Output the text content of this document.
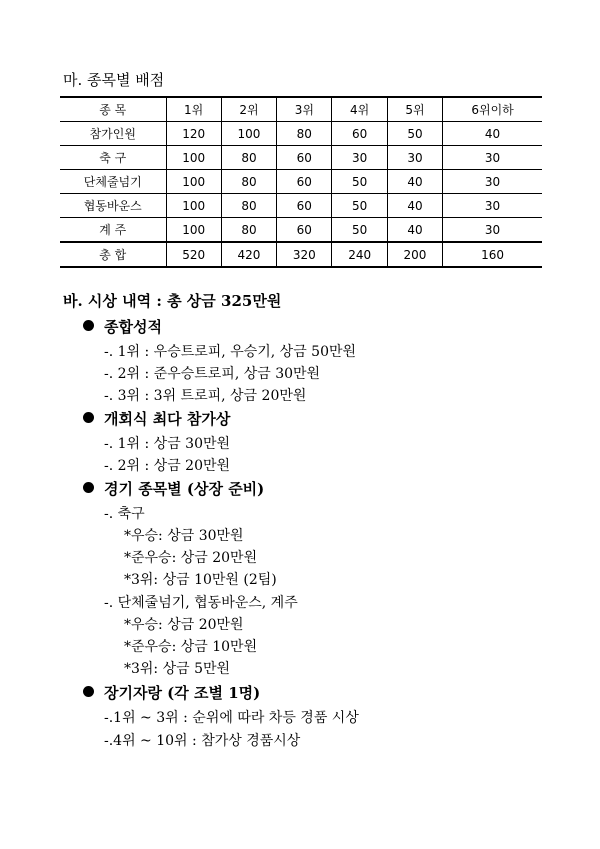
마. 종목별 배점
종 목	1위	2위	3위	4위	5위	6위이하
참가인원	120	100	80	60	50	40
축 구	100	80	60	30	30	30
단체줄넘기	100	80	60	50	40	30
협동바운스	100	80	60	50	40	30
계 주	100	80	60	50	40	30
총 합	520	420	320	240	200	160
바. 시상 내역 : 총 상금 325만원
종합성적
-. 1위 : 우승트로피, 우승기, 상금 50만원
-. 2위 : 준우승트로피, 상금 30만원
-. 3위 : 3위 트로피, 상금 20만원
개회식 최다 참가상
-. 1위 : 상금 30만원
-. 2위 : 상금 20만원
경기 종목별 (상장 준비)
-. 축구
*우승: 상금 30만원
*준우승: 상금 20만원
*3위: 상금 10만원 (2팀)
-. 단체줄넘기, 협동바운스, 계주
*우승: 상금 20만원
*준우승: 상금 10만원
*3위: 상금 5만원
장기자랑 (각 조별 1명)
-.1위 ~ 3위 : 순위에 따라 차등 경품 시상
-.4위 ~ 10위 : 참가상 경품시상
